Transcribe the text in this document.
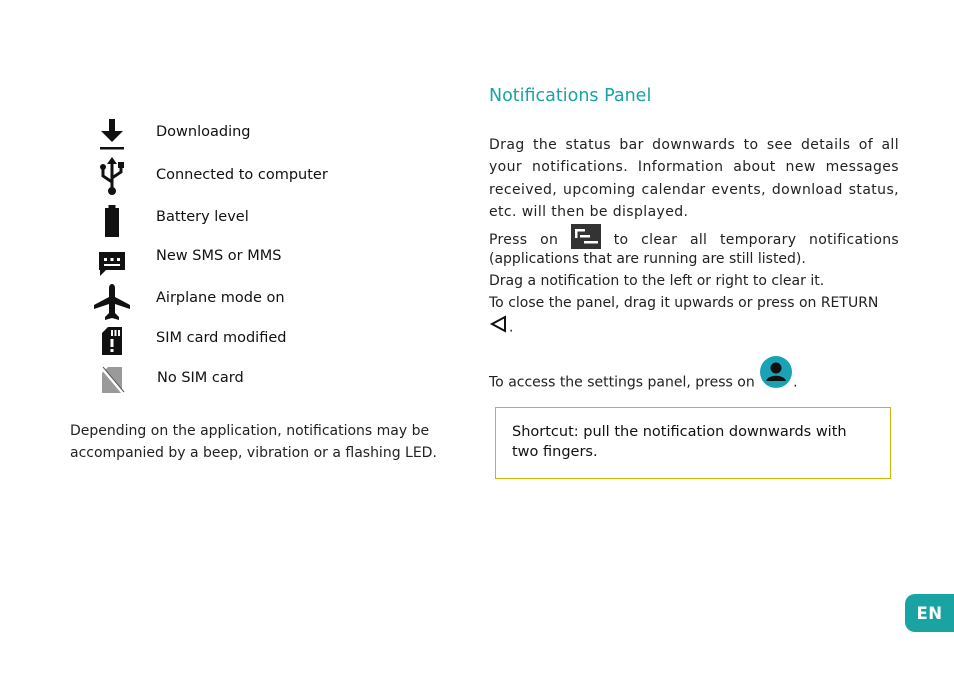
Downloading
Connected to computer
Battery level
New SMS or MMS
Airplane mode on
SIM card modified
No SIM card

Depending on the application, notifications may be accompanied by a beep, vibration or a flashing LED.

Notifications Panel

Drag the status bar downwards to see details of all your notifications. Information about new messages received, upcoming calendar events, download status, etc. will then be displayed.

Press on	to clear all temporary notifications

(applications that are running are still listed).

Drag a notification to the left or right to clear it.

To close the panel, drag it upwards or press on RETURN

.

To access the settings panel, press on	.

Shortcut: pull the notification downwards with two fingers.
EN
